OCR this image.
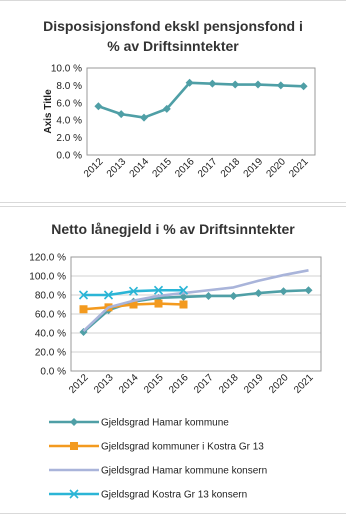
Disposisjonsfond ekskl pensjonsfond i
% av Driftsinntekter
0.0 %
2.0 %
4.0 %
6.0 %
8.0 %
10.0 %
2012 2013 2014 2015 2016 2017 2018 2019 2020 2021
Axis Title
Netto lånegjeld i % av Driftsinntekter
0.0 %
20.0 %
40.0 %
60.0 %
80.0 %
100.0 %
120.0 %
2012 2013 2014 2015 2016 2017 2018 2019 2020 2021
Gjeldsgrad Hamar kommune
Gjeldsgrad kommuner i Kostra Gr 13
Gjeldsgrad Hamar kommune konsern
Gjeldsgrad Kostra Gr 13 konsern
